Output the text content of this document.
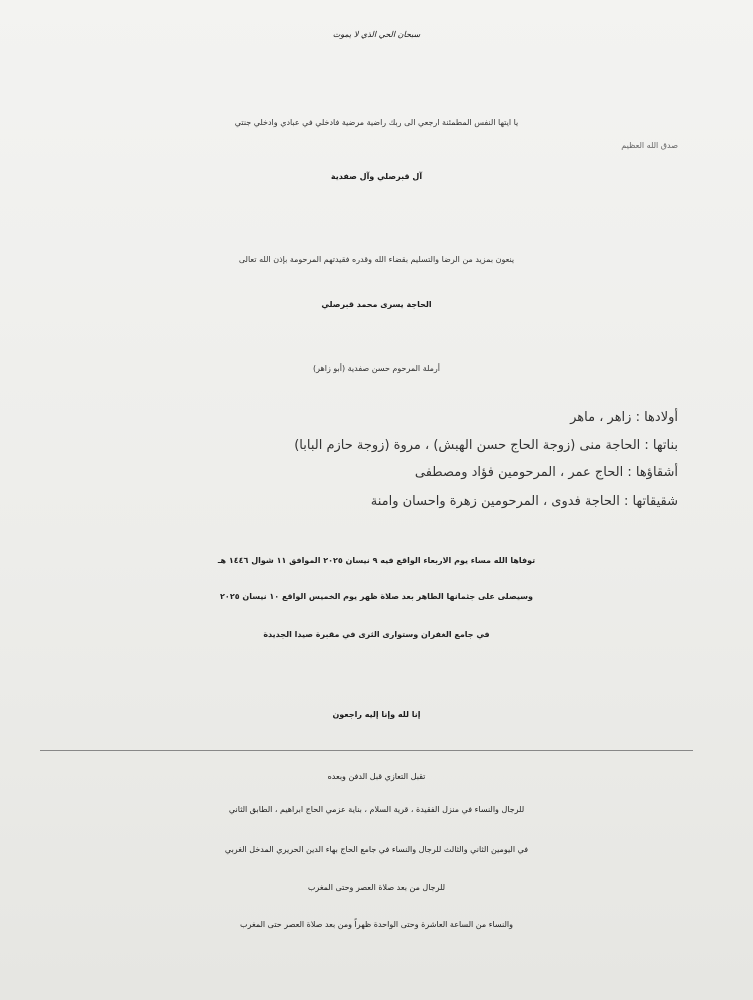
سبحان الحي الذي لا يموت
يا ايتها النفس المطمئنة ارجعي الى ربك راضية مرضية فادخلي في عبادي وادخلي جنتي
صدق الله العظيم
آل قبرصلي وآل صفدية
ينعون بمزيد من الرضا والتسليم بقضاء الله وقدره فقيدتهم المرحومة بإذن الله تعالى
الحاجة يسرى محمد قبرصلي
أرملة المرحوم حسن صفدية (أبو زاهر)
أولادها : زاهر ، ماهر
بناتها : الحاجة منى (زوجة الحاج حسن الهبش) ، مروة (زوجة حازم البابا)
أشقاؤها : الحاج عمر ، المرحومين فؤاد ومصطفى
شقيقاتها : الحاجة فدوى ، المرحومين زهرة واحسان وامنة
توفاها الله مساء يوم الاربعاء الواقع فيه ٩ نيسان ٢٠٢٥ الموافق ١١ شوال ١٤٤٦ هـ
وسيصلى على جثمانها الطاهر بعد صلاة ظهر يوم الخميس الواقع ١٠ نيسان ٢٠٢٥
في جامع الغفران وستوارى الثرى في مقبرة صيدا الجديدة
إنا لله وإنا إليه راجعون
تقبل التعازي قبل الدفن وبعده
للرجال والنساء في منزل الفقيدة ، قرية السلام ، بناية عزمي الحاج ابراهيم ، الطابق الثاني
في اليومين الثاني والثالث للرجال والنساء في جامع الحاج بهاء الدين الحريري المدخل الغربي
للرجال من بعد صلاة العصر وحتى المغرب
والنساء من الساعة العاشرة وحتى الواحدة ظهراً ومن بعد صلاة العصر حتى المغرب
